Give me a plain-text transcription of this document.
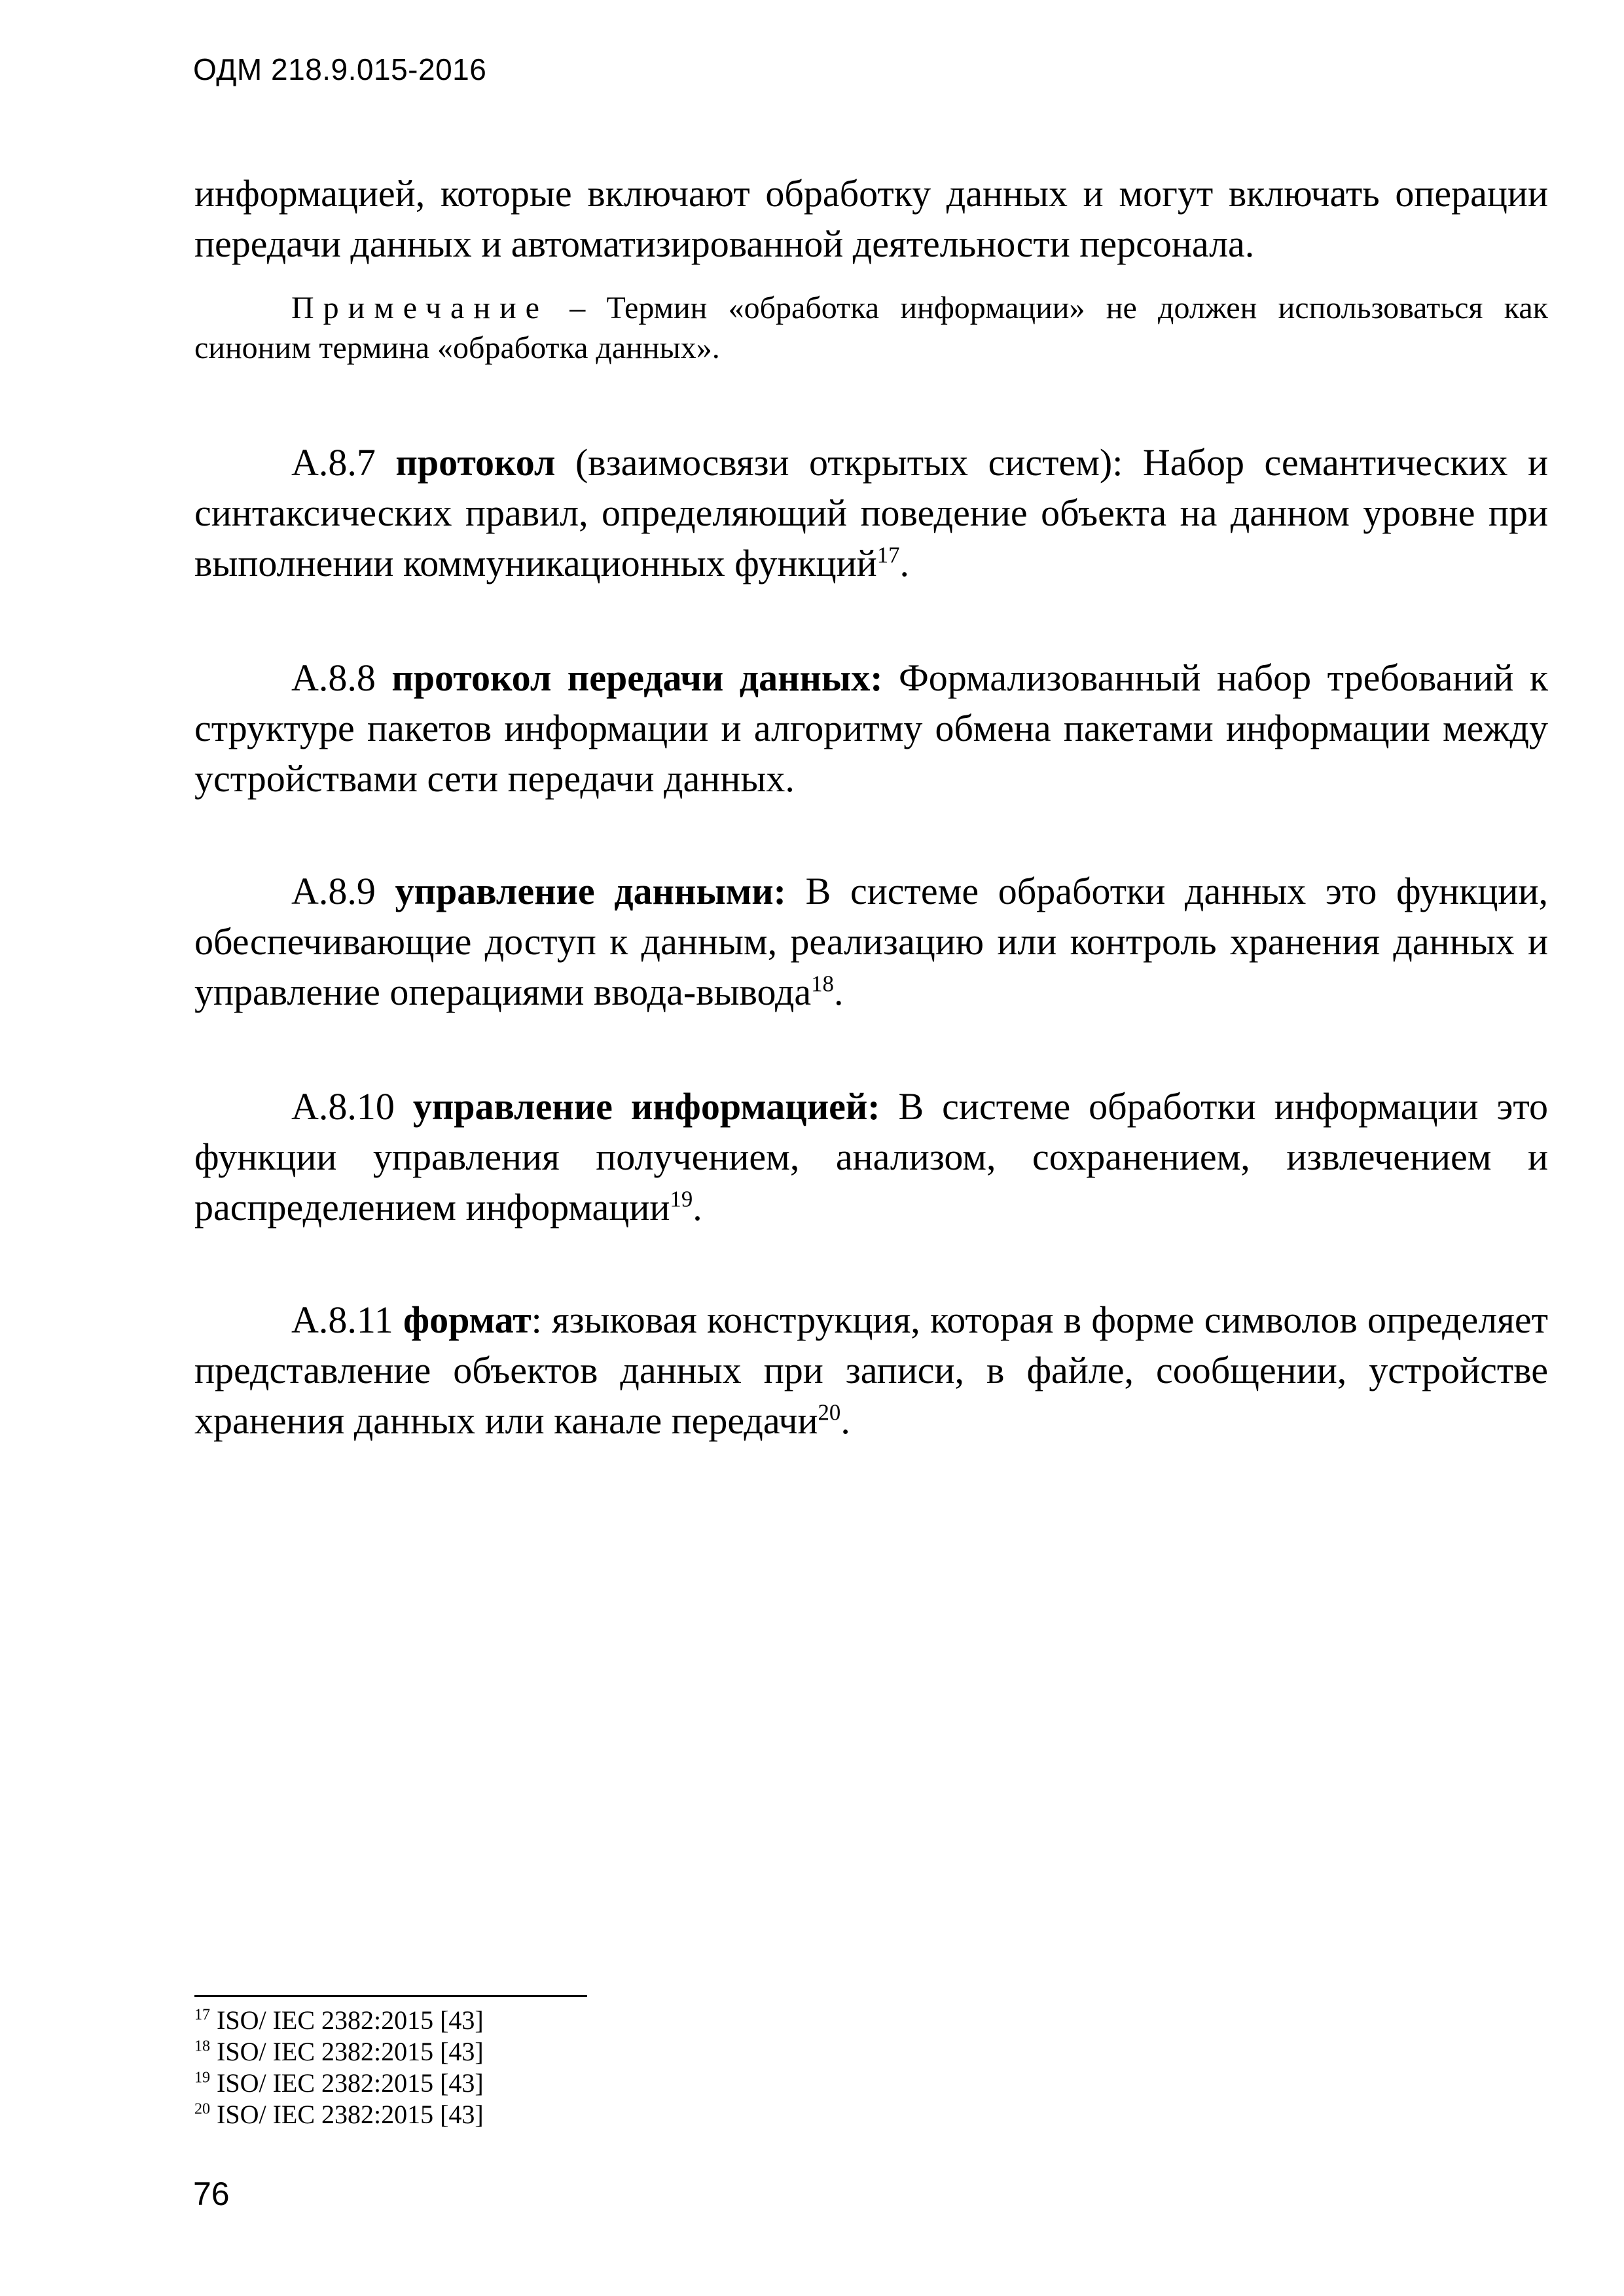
ОДМ 218.9.015-2016

информацией, которые включают обработку данных и могут включать операции передачи данных и автоматизированной деятельности персонала.

Примечание – Термин «обработка информации» не должен использоваться как синоним термина «обработка данных».
А.8.7 протокол (взаимосвязи открытых систем): Набор семантических и синтаксических правил, определяющий поведение объекта на данном уровне при выполнении коммуникационных функций$^{17}$.
А.8.8 протокол передачи данных: Формализованный набор требований к структуре пакетов информации и алгоритму обмена пакетами информации между устройствами сети передачи данных.
А.8.9 управление данными: В системе обработки данных это функции, обеспечивающие доступ к данным, реализацию или контроль хранения данных и управление операциями ввода-вывода$^{18}$.
А.8.10 управление информацией: В системе обработки информации это функции управления получением, анализом, сохранением, извлечением и распределением информации$^{19}$.
А.8.11 формат: языковая конструкция, которая в форме символов определяет представление объектов данных при записи, в файле, сообщении, устройстве хранения данных или канале передачи$^{20}$.

$^{17}$ ISO/ IEC 2382:2015 [43]

$^{18}$ ISO/ IEC 2382:2015 [43]

$^{19}$ ISO/ IEC 2382:2015 [43]

$^{20}$ ISO/ IEC 2382:2015 [43]

76
